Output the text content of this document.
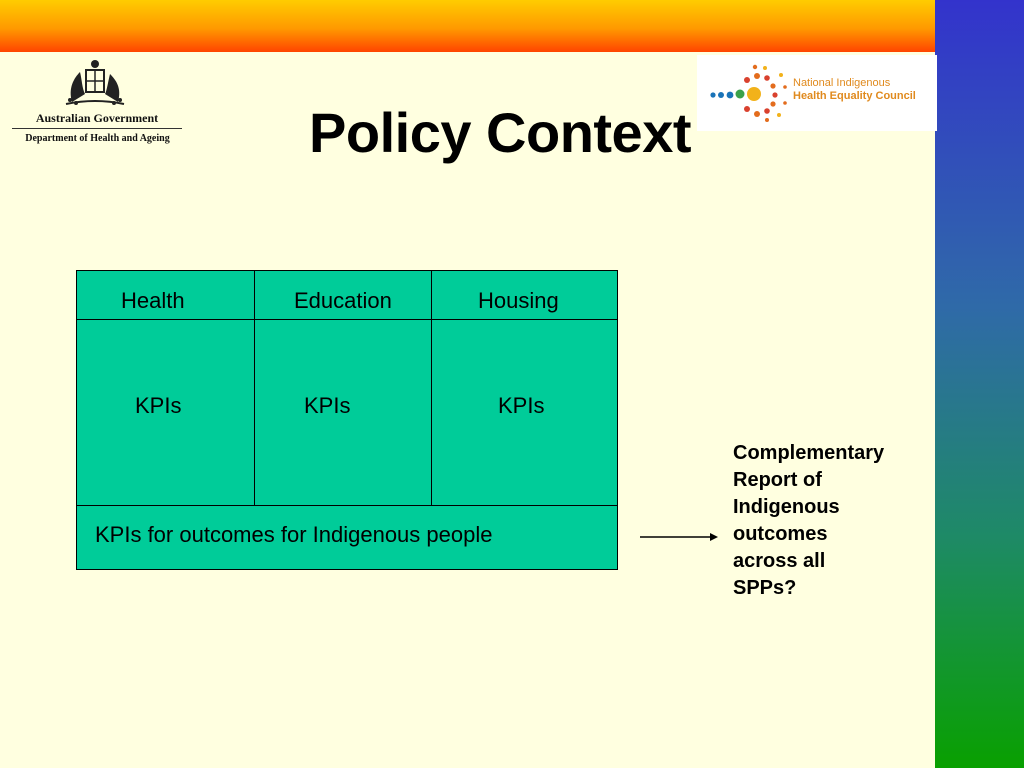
Australian Government
Department of Health and Ageing
National Indigenous
Health Equality Council
Policy Context
Health	Education	Housing
KPIs	KPIs	KPIs
KPIs for outcomes for Indigenous people
Complementary
Report of
Indigenous
outcomes
across all
SPPs?
